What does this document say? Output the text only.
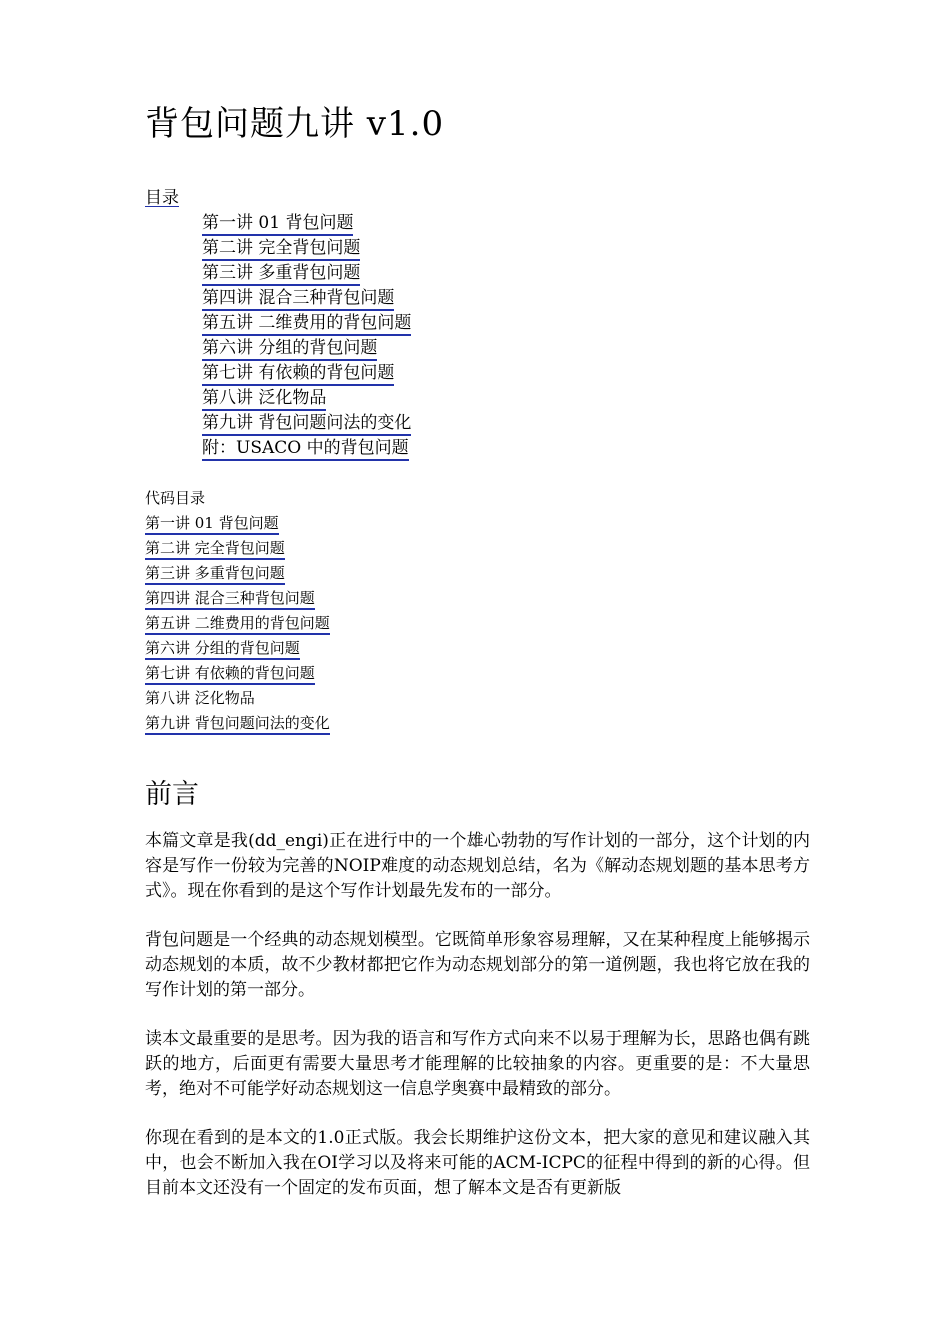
背包问题九讲 v1.0
目录
第一讲 01 背包问题
第二讲 完全背包问题
第三讲 多重背包问题
第四讲 混合三种背包问题
第五讲 二维费用的背包问题
第六讲 分组的背包问题
第七讲 有依赖的背包问题
第八讲 泛化物品
第九讲 背包问题问法的变化
附：USACO 中的背包问题
代码目录
第一讲 01 背包问题
第二讲 完全背包问题
第三讲 多重背包问题
第四讲 混合三种背包问题
第五讲 二维费用的背包问题
第六讲 分组的背包问题
第七讲 有依赖的背包问题
第八讲 泛化物品
第九讲 背包问题问法的变化
前言

本篇文章是我(dd_engi)正在进行中的一个雄心勃勃的写作计划的一部分，这个计划的内容是写作一份较为完善的NOIP难度的动态规划总结，名为《解动态规划题的基本思考方式》。现在你看到的是这个写作计划最先发布的一部分。

背包问题是一个经典的动态规划模型。它既简单形象容易理解，又在某种程度上能够揭示动态规划的本质，故不少教材都把它作为动态规划部分的第一道例题，我也将它放在我的写作计划的第一部分。

读本文最重要的是思考。因为我的语言和写作方式向来不以易于理解为长，思路也偶有跳跃的地方，后面更有需要大量思考才能理解的比较抽象的内容。更重要的是：不大量思考，绝对不可能学好动态规划这一信息学奥赛中最精致的部分。

你现在看到的是本文的1.0正式版。我会长期维护这份文本，把大家的意见和建议融入其中，也会不断加入我在OI学习以及将来可能的ACM-ICPC的征程中得到的新的心得。但目前本文还没有一个固定的发布页面，想了解本文是否有更新版
